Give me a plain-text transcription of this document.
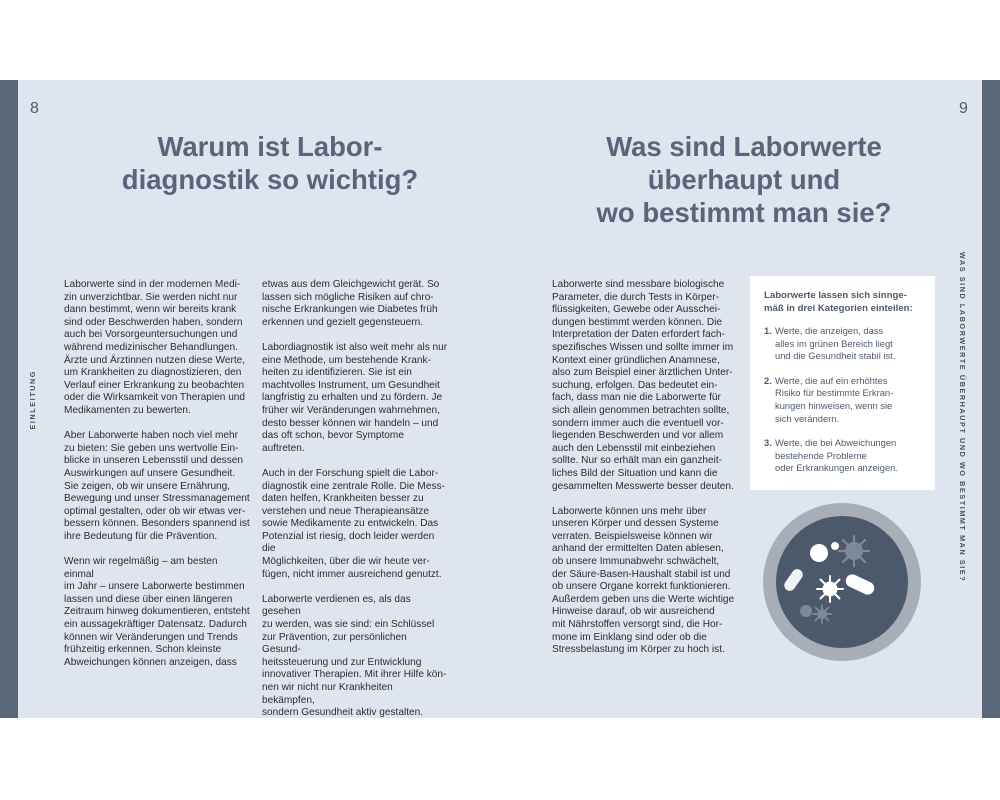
8
EINLEITUNG
Warum ist Labor-
diagnostik so wichtig?

Laborwerte sind in der modernen Medi-
zin unverzichtbar. Sie werden nicht nur
dann bestimmt, wenn wir bereits krank
sind oder Beschwerden haben, sondern
auch bei Vorsorgeuntersuchungen und
während medizinischer Behandlungen.
Ärzte und Ärztinnen nutzen diese Werte,
um Krankheiten zu diagnostizieren, den
Verlauf einer Erkrankung zu beobachten
oder die Wirksamkeit von Therapien und
Medikamenten zu bewerten.

Aber Laborwerte haben noch viel mehr
zu bieten: Sie geben uns wertvolle Ein-
blicke in unseren Lebensstil und dessen
Auswirkungen auf unsere Gesundheit.
Sie zeigen, ob wir unsere Ernährung,
Bewegung und unser Stressmanagement
optimal gestalten, oder ob wir etwas ver-
bessern können. Besonders spannend ist
ihre Bedeutung für die Prävention.

Wenn wir regelmäßig – am besten einmal
im Jahr – unsere Laborwerte bestimmen
lassen und diese über einen längeren
Zeitraum hinweg dokumentieren, entsteht
ein aussagekräftiger Datensatz. Dadurch
können wir Veränderungen und Trends
frühzeitig erkennen. Schon kleinste
Abweichungen können anzeigen, dass

etwas aus dem Gleichgewicht gerät. So
lassen sich mögliche Risiken auf chro-
nische Erkrankungen wie Diabetes früh
erkennen und gezielt gegensteuern.

Labordiagnostik ist also weit mehr als nur
eine Methode, um bestehende Krank-
heiten zu identifizieren. Sie ist ein
machtvolles Instrument, um Gesundheit
langfristig zu erhalten und zu fördern. Je
früher wir Veränderungen wahrnehmen,
desto besser können wir handeln – und
das oft schon, bevor Symptome auftreten.

Auch in der Forschung spielt die Labor-
diagnostik eine zentrale Rolle. Die Mess-
daten helfen, Krankheiten besser zu
verstehen und neue Therapieansätze
sowie Medikamente zu entwickeln. Das
Potenzial ist riesig, doch leider werden die
Möglichkeiten, über die wir heute ver-
fügen, nicht immer ausreichend genutzt.

Laborwerte verdienen es, als das gesehen
zu werden, was sie sind: ein Schlüssel
zur Prävention, zur persönlichen Gesund-
heitssteuerung und zur Entwicklung
innovativer Therapien. Mit ihrer Hilfe kön-
nen wir nicht nur Krankheiten bekämpfen,
sondern Gesundheit aktiv gestalten.

9
WAS SIND LABORWERTE ÜBERHAUPT UND WO BESTIMMT MAN SIE?
Was sind Laborwerte
überhaupt und
wo bestimmt man sie?

Laborwerte sind messbare biologische
Parameter, die durch Tests in Körper-
flüssigkeiten, Gewebe oder Ausschei-
dungen bestimmt werden können. Die
Interpretation der Daten erfordert fach-
spezifisches Wissen und sollte immer im
Kontext einer gründlichen Anamnese,
also zum Beispiel einer ärztlichen Unter-
suchung, erfolgen. Das bedeutet ein-
fach, dass man nie die Laborwerte für
sich allein genommen betrachten sollte,
sondern immer auch die eventuell vor-
liegenden Beschwerden und vor allem
auch den Lebensstil mit einbeziehen
sollte. Nur so erhält man ein ganzheit-
liches Bild der Situation und kann die
gesammelten Messwerte besser deuten.

Laborwerte können uns mehr über
unseren Körper und dessen Systeme
verraten. Beispielsweise können wir
anhand der ermittelten Daten ablesen,
ob unsere Immunabwehr schwächelt,
der Säure-Basen-Haushalt stabil ist und
ob unsere Organe korrekt funktionieren.
Außerdem geben uns die Werte wichtige
Hinweise darauf, ob wir ausreichend
mit Nährstoffen versorgt sind, die Hor-
mone im Einklang sind oder ob die
Stressbelastung im Körper zu hoch ist.

Laborwerte lassen sich sinnge-
mäß in drei Kategorien einteilen:

1. Werte, die anzeigen, dass
alles im grünen Bereich liegt
und die Gesundheit stabil ist.
2. Werte, die auf ein erhöhtes
Risiko für bestimmte Erkran-
kungen hinweisen, wenn sie
sich verändern.
3. Werte, die bei Abweichungen
bestehende Probleme
oder Erkrankungen anzeigen.
